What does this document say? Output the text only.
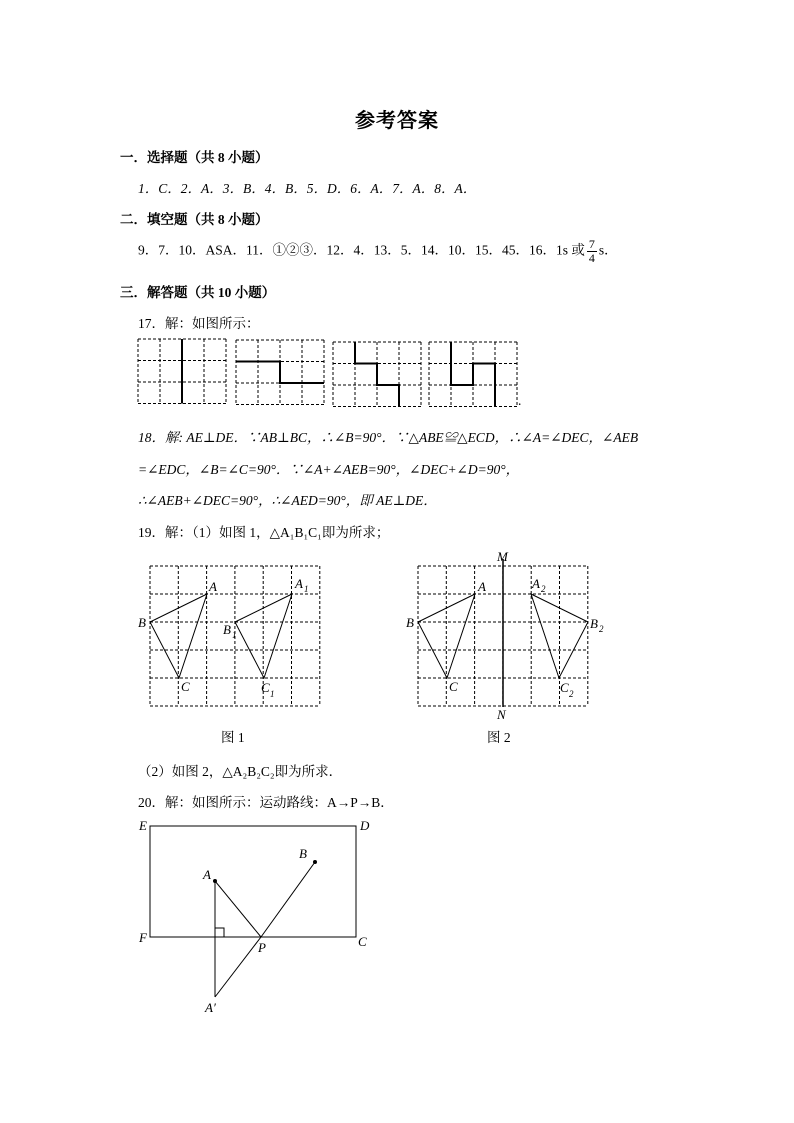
参考答案
一．选择题（共 8 小题）
1．C．2．A．3．B．4．B．5．D．6．A．7．A．8．A．
二．填空题（共 8 小题）
9．7．10．ASA．11．①②③．12．4．13．5．14．10．15．45．16．1s 或 $\frac{7}{4}$ s．
三．解答题（共 10 小题）
17．解：如图所示：
.
18．解: AE⊥DE．∵AB⊥BC，∴∠B=90°．∵△ABE≌△ECD，∴∠A=∠DEC，∠AEB
=∠EDC，∠B=∠C=90°．∵∠A+∠AEB=90°，∠DEC+∠D=90°，
∴∠AEB+∠DEC=90°，∴∠AED=90°，即 AE⊥DE．
19．解：（1）如图 1，△A₁B₁C₁即为所求；
A
B
C
A 1
B 1
C 1
M
N
A
B
C
A 2
B 2
C 2
图 1	图 2
（2）如图 2，△A₂B₂C₂即为所求．
20．解：如图所示：运动路线：A→P→B．
E	D
F	C
A
B
P
A′
